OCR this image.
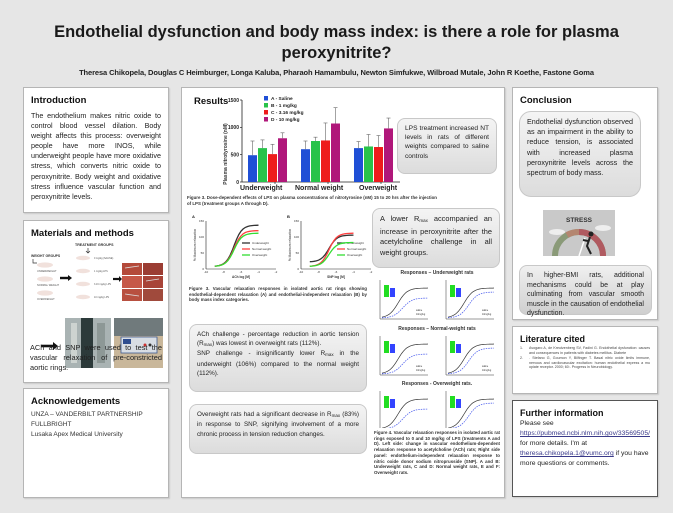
Endothelial dysfunction and body mass index: is there a role for plasma
peroxynitrite?
Theresa Chikopela, Douglas C Heimburger, Longa Kaluba, Pharaoh Hamambulu, Newton Simfukwe, Wilbroad Mutale, John R Koethe, Fastone Goma
Introduction
The endothelium makes nitric oxide to control blood vessel dilation. Body weight affects this process: overweight people have more INOS, while underweight people have more oxidative stress, which converts nitric oxide to peroxynitrite. Body weight and oxidative stress influence vascular function and peroxynitrite levels.
Materials and methods
TREATMENT GROUPS
WEIGHT GROUPS
UNDERWEIGHT
NORMAL WEIGHT
OVERWEIGHT
0 mg/kg (SALINE)
1 mg/kg LPS
3.16 mg/kg LPS
10 mg/kg LPS
Acknowledgements
UNZA – VANDERBILT PARTNERSHIP
FULLBRIGHT
Lusaka Apex Medical University
Results
Plasma nitrotyrosine (nM) 0
500
1000
1500	A - Saline
B - 1 mg/kg
C - 3.16 mg/kg
D - 10 mg/kg
Underweight Normal weight Overweight
Figure 3. Dose-dependent effects of LPS on plasma concentrations of nitrotyrosine (nM) 15 to 20 hrs after the injection of LPS (treatment groups A through D).
LPS treatment increased NT levels in rats of different weights compared to saline controls
A
0
50
100
150
-10	-8	-6	-4	-2
ACh log [M]
% Maximum relaxation	Underweight
Normal weight
Overweight
B
0
50
100
150
-10	-8	-6	-4	-2
SNP log [M]
% Maximum relaxation	Underweight
Normal weight
Overweight
Figure 3. Vascular relaxation responses in isolated aortic rat rings showing endothelial-dependent relaxation (A) and endothelial-independent relaxation (B) by body mass index categories.
A lower $R_{max}$ accompanied an increase in peroxynitrite after the acetylcholine challenge in all weight groups.
ACh challenge - percentage reduction in aortic tension $(R_{max})$ was lowest in overweight rats (112%).
SNP challenge - insignificantly lower $R_{max}$ in the underweight (106%) compared to the normal weight (112%).
Overweight rats had a significant decrease in $R_{max}$ (83%) in response to SNP, signifying involvement of a more chronic process in tension reduction changes.
Responses – Underweight rats
Responses – Normal-weight rats
Responses - Overweight rats.
saline
10mg/kg
saline
10mg/kg
saline
10mg/kg
saline
10mg/kg
Figure 4. Vascular relaxation responses in isolated aortic rat rings exposed to 0 and 10 mg/kg of LPS (treatments A and D). Left side: change in vascular endothelium-dependent relaxation response to acetylcholine (ACh) rats; Right side panel: endothelium-independent relaxation response to nitric oxide donor sodium nitroprusside (SNP). A and B: Underweight rats, C and D: Normal weight rats, E and F: Overweight rats.
Conclusion
Endothelial dysfunction observed as an impairment in the ability to reduce tension, is associated with increased plasma peroxynitrite levels across the spectrum of body mass.
STRESS
In higher-BMI rats, additional mechanisms could be at play culminating from vascular smooth muscle in the causation of endothelial dysfunction.
Literature cited
1.	Avogaro A, de Kreutzenberg SV, Fadini G. Endothelial dysfunction: causes and consequences in patients with diabetes mellitus. Diabete
2.	. Stefano G, Goumon Y, Bilfinger T. Basal nitric oxide limits immune, nervous and cardiovascular excitation: human endothelial express a mu opiate receptor. 2000; 60:. Progress in Neurobiology.
Further information
Please see
https://pubmed.ncbi.nlm.nih.gov/33569505/ for more details. I'm at theresa.chikopela.1@vumc.org if you have more questions or comments.
ACh and SNP were used to test the vascular relaxation of pre-constricted aortic rings.
